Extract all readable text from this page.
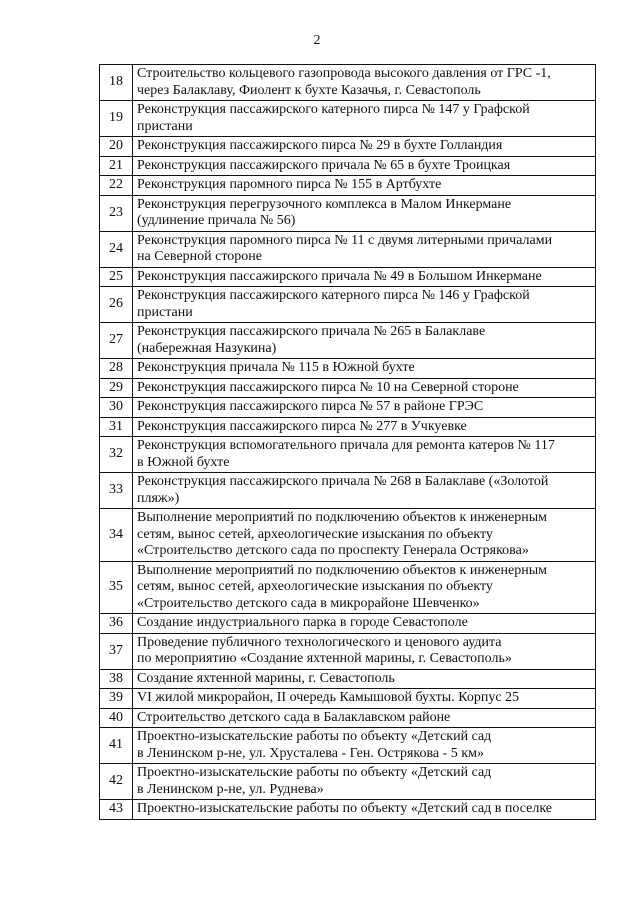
2
18	Строительство кольцевого газопровода высокого давления от ГРС -1,
через Балаклаву, Фиолент к бухте Казачья, г. Севастополь

19	Реконструкция пассажирского катерного пирса № 147 у Графской
пристани

20	Реконструкция пассажирского пирса № 29 в бухте Голландия

21	Реконструкция пассажирского причала № 65 в бухте Троицкая

22	Реконструкция паромного пирса № 155 в Артбухте

23	Реконструкция перегрузочного комплекса в Малом Инкермане
(удлинение причала № 56)

24	Реконструкция паромного пирса № 11 с двумя литерными причалами
на Северной стороне

25	Реконструкция пассажирского причала № 49 в Большом Инкермане

26	Реконструкция пассажирского катерного пирса № 146 у Графской
пристани

27	Реконструкция пассажирского причала № 265 в Балаклаве
(набережная Назукина)

28	Реконструкция причала № 115 в Южной бухте

29	Реконструкция пассажирского пирса № 10 на Северной стороне

30	Реконструкция пассажирского пирса № 57 в районе ГРЭС

31	Реконструкция пассажирского пирса № 277 в Учкуевке

32	Реконструкция вспомогательного причала для ремонта катеров № 117
в Южной бухте

33	Реконструкция пассажирского причала № 268 в Балаклаве («Золотой
пляж»)

34	Выполнение мероприятий по подключению объектов к инженерным
сетям, вынос сетей, археологические изыскания по объекту
«Строительство детского сада по проспекту Генерала Острякова»

35	Выполнение мероприятий по подключению объектов к инженерным
сетям, вынос сетей, археологические изыскания по объекту
«Строительство детского сада в микрорайоне Шевченко»

36	Создание индустриального парка в городе Севастополе

37	Проведение публичного технологического и ценового аудита
по мероприятию «Создание яхтенной марины, г. Севастополь»

38	Создание яхтенной марины, г. Севастополь

39	VI жилой микрорайон, II очередь Камышовой бухты. Корпус 25

40	Строительство детского сада в Балаклавском районе

41	Проектно-изыскательские работы по объекту «Детский сад
в Ленинском р-не, ул. Хрусталева - Ген. Острякова - 5 км»

42	Проектно-изыскательские работы по объекту «Детский сад
в Ленинском р-не, ул. Руднева»

43	Проектно-изыскательские работы по объекту «Детский сад в поселке
